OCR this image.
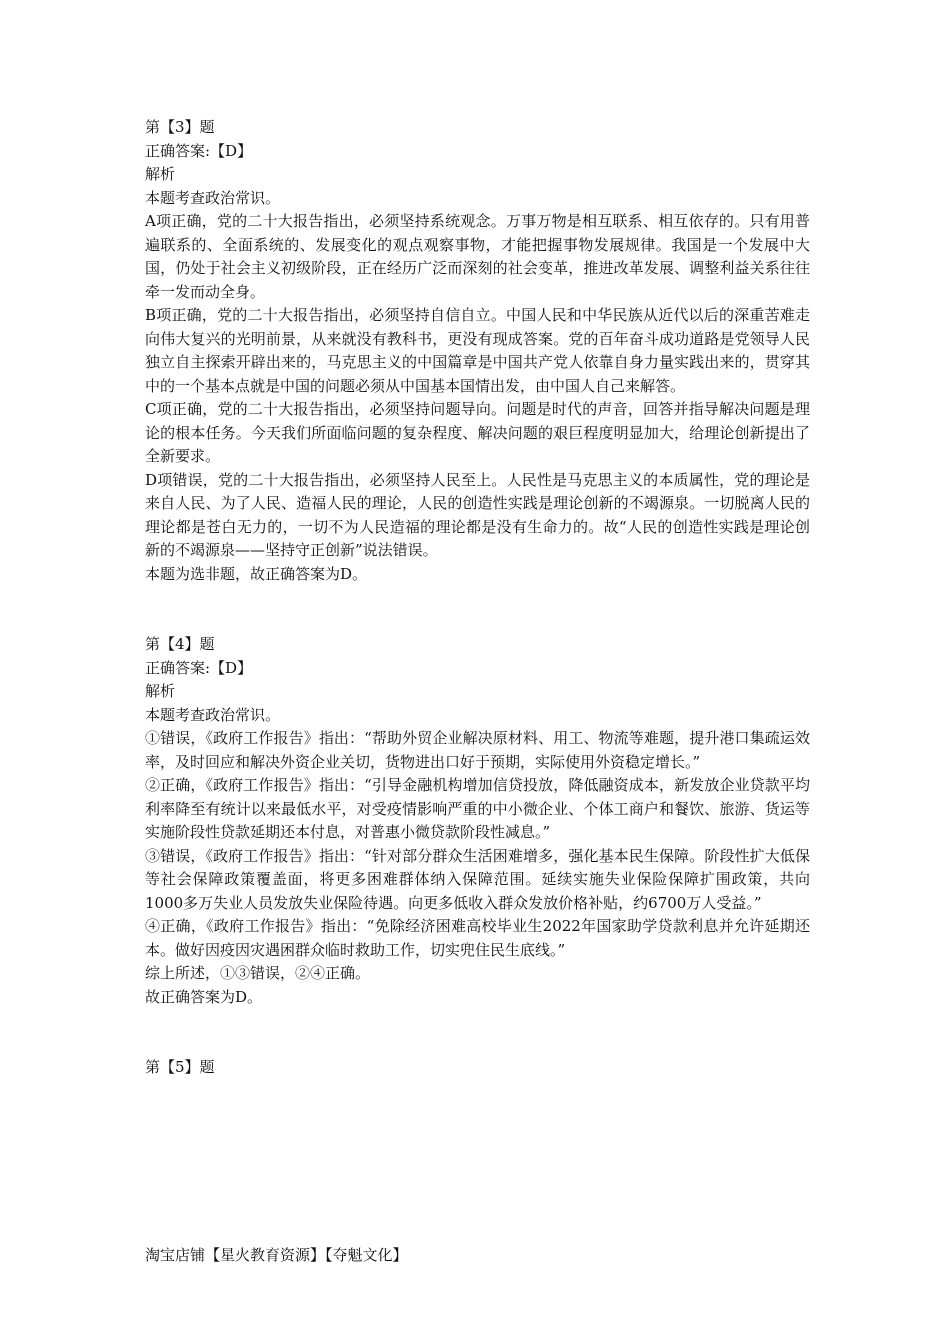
第【3】题
正确答案:【D】
解析
本题考查政治常识。
A项正确，党的二十大报告指出，必须坚持系统观念。万事万物是相互联系、相互依存的。只有用普遍联系的、全面系统的、发展变化的观点观察事物，才能把握事物发展规律。我国是一个发展中大国，仍处于社会主义初级阶段，正在经历广泛而深刻的社会变革，推进改革发展、调整利益关系往往牵一发而动全身。
B项正确，党的二十大报告指出，必须坚持自信自立。中国人民和中华民族从近代以后的深重苦难走向伟大复兴的光明前景，从来就没有教科书，更没有现成答案。党的百年奋斗成功道路是党领导人民独立自主探索开辟出来的，马克思主义的中国篇章是中国共产党人依靠自身力量实践出来的，贯穿其中的一个基本点就是中国的问题必须从中国基本国情出发，由中国人自己来解答。
C项正确，党的二十大报告指出，必须坚持问题导向。问题是时代的声音，回答并指导解决问题是理论的根本任务。今天我们所面临问题的复杂程度、解决问题的艰巨程度明显加大，给理论创新提出了全新要求。
D项错误，党的二十大报告指出，必须坚持人民至上。人民性是马克思主义的本质属性，党的理论是来自人民、为了人民、造福人民的理论，人民的创造性实践是理论创新的不竭源泉。一切脱离人民的理论都是苍白无力的，一切不为人民造福的理论都是没有生命力的。故“人民的创造性实践是理论创新的不竭源泉——坚持守正创新”说法错误。
本题为选非题，故正确答案为D。
第【4】题
正确答案:【D】
解析
本题考查政治常识。
①错误，《政府工作报告》指出：“帮助外贸企业解决原材料、用工、物流等难题，提升港口集疏运效率，及时回应和解决外资企业关切，货物进出口好于预期，实际使用外资稳定增长。”
②正确，《政府工作报告》指出：“引导金融机构增加信贷投放，降低融资成本，新发放企业贷款平均利率降至有统计以来最低水平，对受疫情影响严重的中小微企业、个体工商户和餐饮、旅游、货运等实施阶段性贷款延期还本付息，对普惠小微贷款阶段性减息。”
③错误，《政府工作报告》指出：“针对部分群众生活困难增多，强化基本民生保障。阶段性扩大低保等社会保障政策覆盖面，将更多困难群体纳入保障范围。延续实施失业保险保障扩围政策，共向1000多万失业人员发放失业保险待遇。向更多低收入群众发放价格补贴，约6700万人受益。”
④正确，《政府工作报告》指出：“免除经济困难高校毕业生2022年国家助学贷款利息并允许延期还本。做好因疫因灾遇困群众临时救助工作，切实兜住民生底线。”
综上所述，①③错误，②④正确。
故正确答案为D。
第【5】题
淘宝店铺【星火教育资源】【夺魁文化】
